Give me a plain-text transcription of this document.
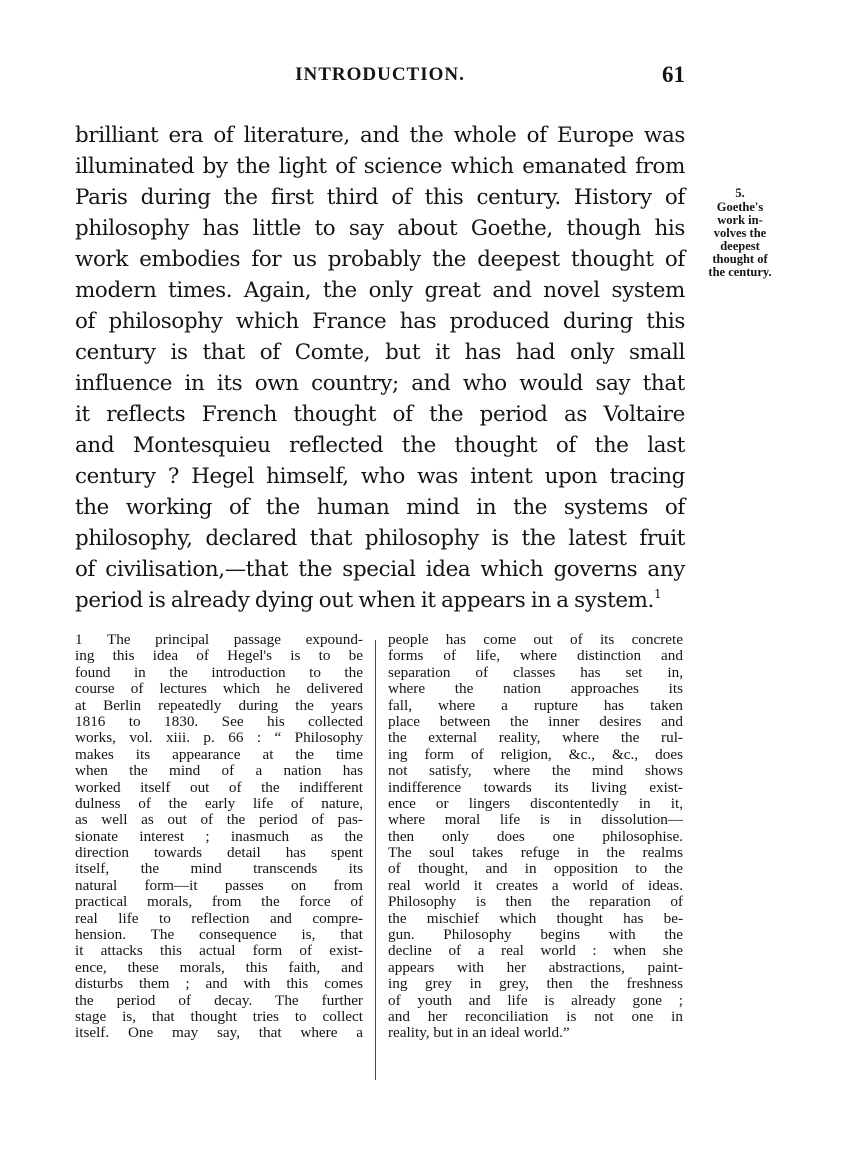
INTRODUCTION.	61
brilliant era of literature, and the whole of Europe was
illuminated by the light of science which emanated from
Paris during the first third of this century. History of
philosophy has little to say about Goethe, though his
work embodies for us probably the deepest thought of
modern times. Again, the only great and novel system
of philosophy which France has produced during this
century is that of Comte, but it has had only small
influence in its own country; and who would say that
it reflects French thought of the period as Voltaire
and Montesquieu reflected the thought of the last
century ? Hegel himself, who was intent upon tracing
the working of the human mind in the systems of
philosophy, declared that philosophy is the latest fruit
of civilisation,—that the special idea which governs any
period is already dying out when it appears in a system.$^1$
5.
Goethe's
work in-
volves the
deepest
thought of
the century.
1 The principal passage expound-
ing this idea of Hegel's is to be
found in the introduction to the
course of lectures which he delivered
at Berlin repeatedly during the years
1816 to 1830. See his collected
works, vol. xiii. p. 66 : “ Philosophy
makes its appearance at the time
when the mind of a nation has
worked itself out of the indifferent
dulness of the early life of nature,
as well as out of the period of pas-
sionate interest ; inasmuch as the
direction towards detail has spent
itself, the mind transcends its
natural form—it passes on from
practical morals, from the force of
real life to reflection and compre-
hension. The consequence is, that
it attacks this actual form of exist-
ence, these morals, this faith, and
disturbs them ; and with this comes
the period of decay. The further
stage is, that thought tries to collect
itself. One may say, that where a
people has come out of its concrete
forms of life, where distinction and
separation of classes has set in,
where the nation approaches its
fall, where a rupture has taken
place between the inner desires and
the external reality, where the rul-
ing form of religion, &c., &c., does
not satisfy, where the mind shows
indifference towards its living exist-
ence or lingers discontentedly in it,
where moral life is in dissolution—
then only does one philosophise.
The soul takes refuge in the realms
of thought, and in opposition to the
real world it creates a world of ideas.
Philosophy is then the reparation of
the mischief which thought has be-
gun. Philosophy begins with the
decline of a real world : when she
appears with her abstractions, paint-
ing grey in grey, then the freshness
of youth and life is already gone ;
and her reconciliation is not one in
reality, but in an ideal world.”
